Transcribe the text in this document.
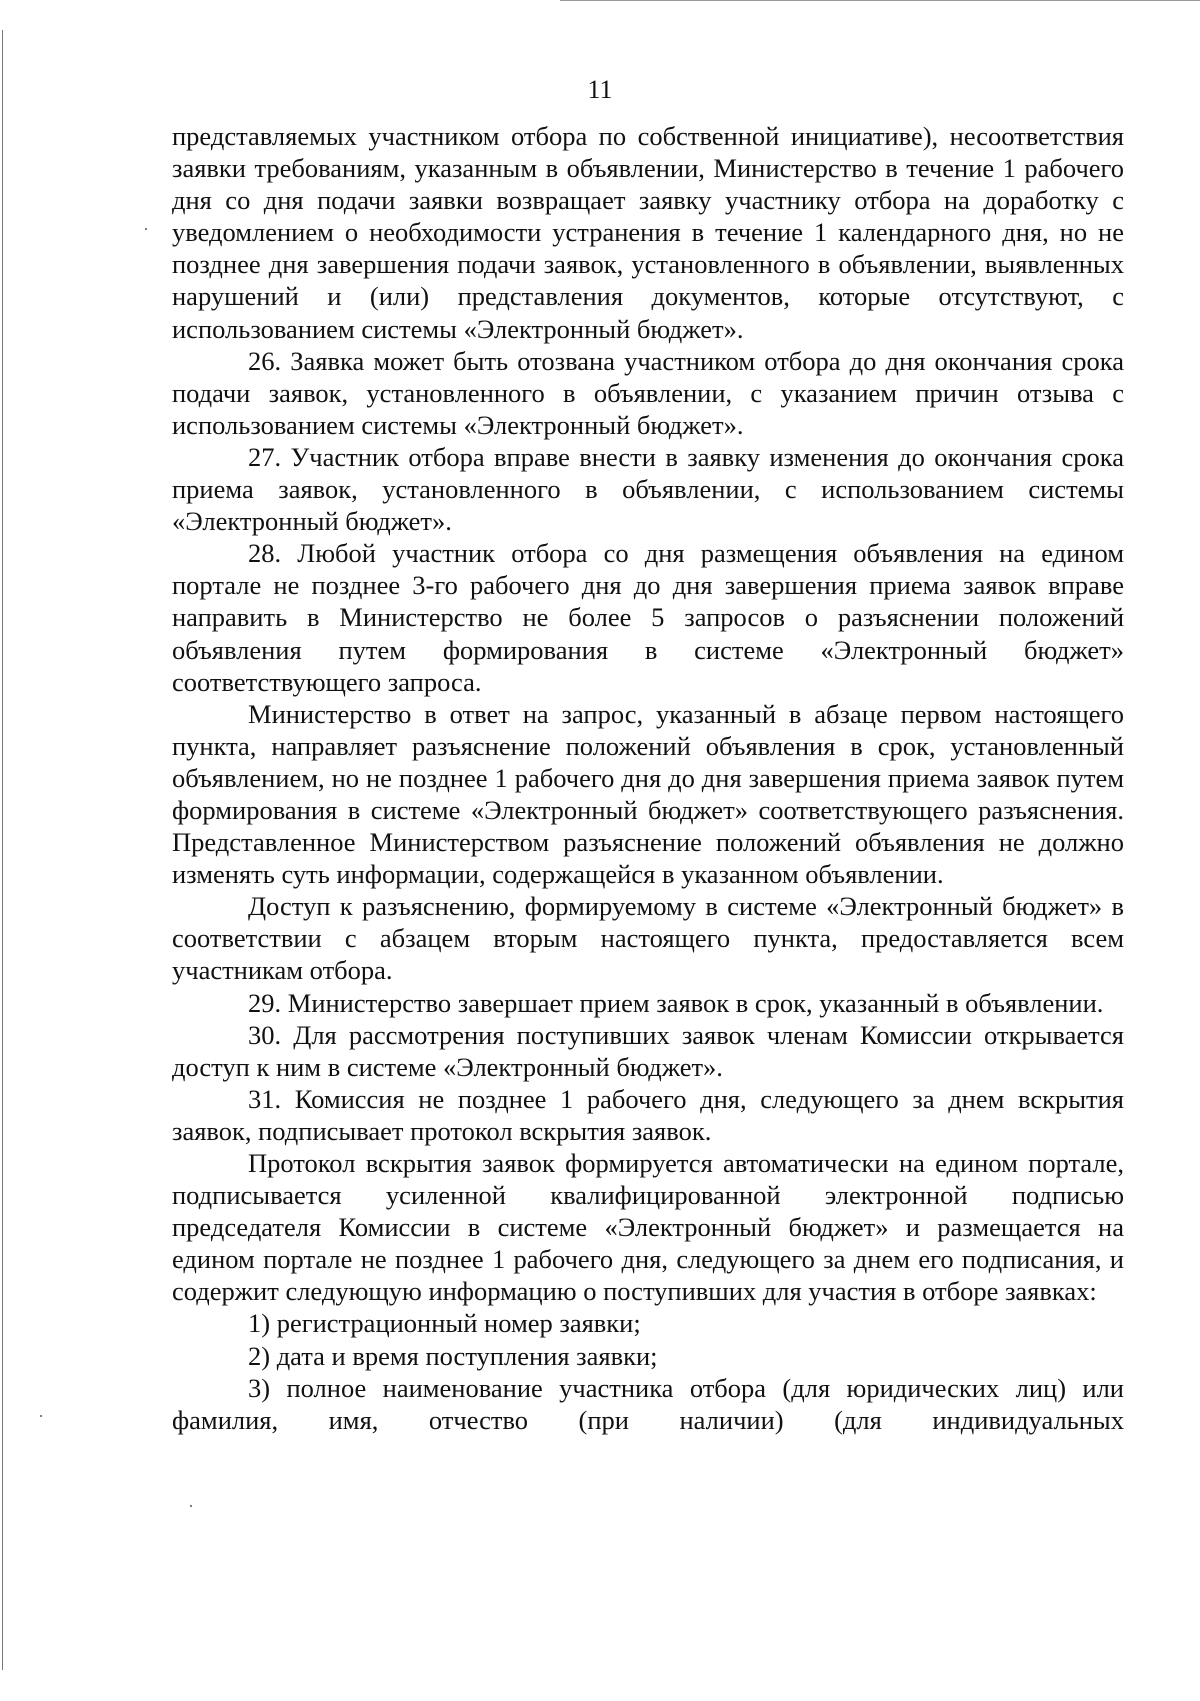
11

представляемых участником отбора по собственной инициативе), несоответствия заявки требованиям, указанным в объявлении, Министерство в течение 1 рабочего дня со дня подачи заявки возвращает заявку участнику отбора на доработку с уведомлением о необходимости устранения в течение 1 календарного дня, но не позднее дня завершения подачи заявок, установленного в объявлении, выявленных нарушений и (или) представления документов, которые отсутствуют, с использованием системы «Электронный бюджет».

26. Заявка может быть отозвана участником отбора до дня окончания срока подачи заявок, установленного в объявлении, с указанием причин отзыва с использованием системы «Электронный бюджет».

27. Участник отбора вправе внести в заявку изменения до окончания срока приема заявок, установленного в объявлении, с использованием системы «Электронный бюджет».

28. Любой участник отбора со дня размещения объявления на едином портале не позднее 3-го рабочего дня до дня завершения приема заявок вправе направить в Министерство не более 5 запросов о разъяснении положений объявления путем формирования в системе «Электронный бюджет» соответствующего запроса.

Министерство в ответ на запрос, указанный в абзаце первом настоящего пункта, направляет разъяснение положений объявления в срок, установленный объявлением, но не позднее 1 рабочего дня до дня завершения приема заявок путем формирования в системе «Электронный бюджет» соответствующего разъяснения. Представленное Министерством разъяснение положений объявления не должно изменять суть информации, содержащейся в указанном объявлении.

Доступ к разъяснению, формируемому в системе «Электронный бюджет» в соответствии с абзацем вторым настоящего пункта, предоставляется всем участникам отбора.

29. Министерство завершает прием заявок в срок, указанный в объявлении.

30. Для рассмотрения поступивших заявок членам Комиссии открывается доступ к ним в системе «Электронный бюджет».

31. Комиссия не позднее 1 рабочего дня, следующего за днем вскрытия заявок, подписывает протокол вскрытия заявок.

Протокол вскрытия заявок формируется автоматически на едином портале, подписывается усиленной квалифицированной электронной подписью председателя Комиссии в системе «Электронный бюджет» и размещается на едином портале не позднее 1 рабочего дня, следующего за днем его подписания, и содержит следующую информацию о поступивших для участия в отборе заявках:

1) регистрационный номер заявки;

2) дата и время поступления заявки;

3) полное наименование участника отбора (для юридических лиц) или фамилия, имя, отчество (при наличии) (для индивидуальных
